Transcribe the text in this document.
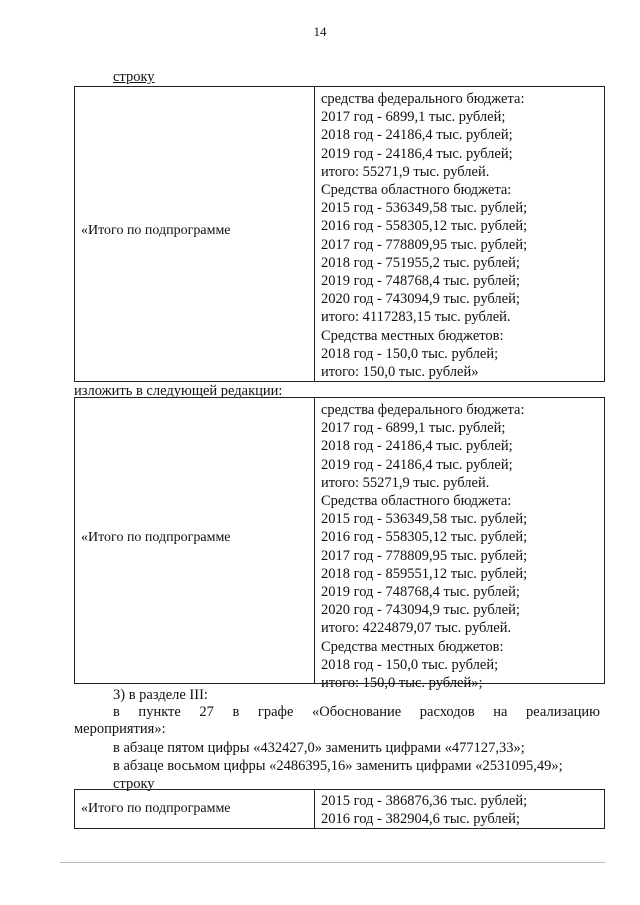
14
строку
«Итого по подпрограмме
средства федерального бюджета:
2017 год - 6899,1 тыс. рублей;
2018 год - 24186,4 тыс. рублей;
2019 год - 24186,4 тыс. рублей;
итого: 55271,9 тыс. рублей.
Средства областного бюджета:
2015 год - 536349,58 тыс. рублей;
2016 год - 558305,12 тыс. рублей;
2017 год - 778809,95 тыс. рублей;
2018 год - 751955,2 тыс. рублей;
2019 год - 748768,4 тыс. рублей;
2020 год - 743094,9 тыс. рублей;
итого: 4117283,15 тыс. рублей.
Средства местных бюджетов:
2018 год - 150,0 тыс. рублей;
итого: 150,0 тыс. рублей»
изложить в следующей редакции:
«Итого по подпрограмме
средства федерального бюджета:
2017 год - 6899,1 тыс. рублей;
2018 год - 24186,4 тыс. рублей;
2019 год - 24186,4 тыс. рублей;
итого: 55271,9 тыс. рублей.
Средства областного бюджета:
2015 год - 536349,58 тыс. рублей;
2016 год - 558305,12 тыс. рублей;
2017 год - 778809,95 тыс. рублей;
2018 год - 859551,12 тыс. рублей;
2019 год - 748768,4 тыс. рублей;
2020 год - 743094,9 тыс. рублей;
итого: 4224879,07 тыс. рублей.
Средства местных бюджетов:
2018 год - 150,0 тыс. рублей;
итого: 150,0 тыс. рублей»;
3) в разделе III:
в пункте 27 в графе «Обоснование расходов на реализацию
мероприятия»:
в абзаце пятом цифры «432427,0» заменить цифрами «477127,33»;
в абзаце восьмом цифры «2486395,16» заменить цифрами «2531095,49»;
строку
«Итого по подпрограмме	2015 год - 386876,36 тыс. рублей;
2016 год - 382904,6 тыс. рублей;
